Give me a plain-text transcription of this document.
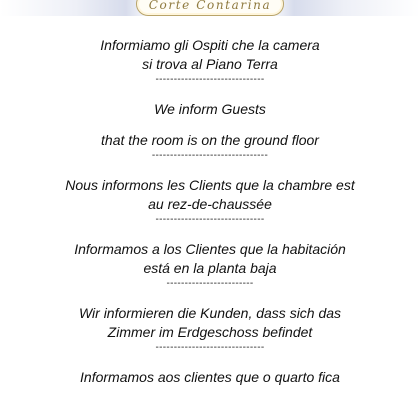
Corte Contarina
Informiamo gli Ospiti che la camera
si trova al Piano Terra
------------------------------
We inform Guests
that the room is on the ground floor
--------------------------------
Nous informons les Clients que la chambre est
au rez-de-chaussée
------------------------------
Informamos a los Clientes que la habitación
está en la planta baja
------------------------
Wir informieren die Kunden, dass sich das
Zimmer im Erdgeschoss befindet
------------------------------
Informamos aos clientes que o quarto fica
